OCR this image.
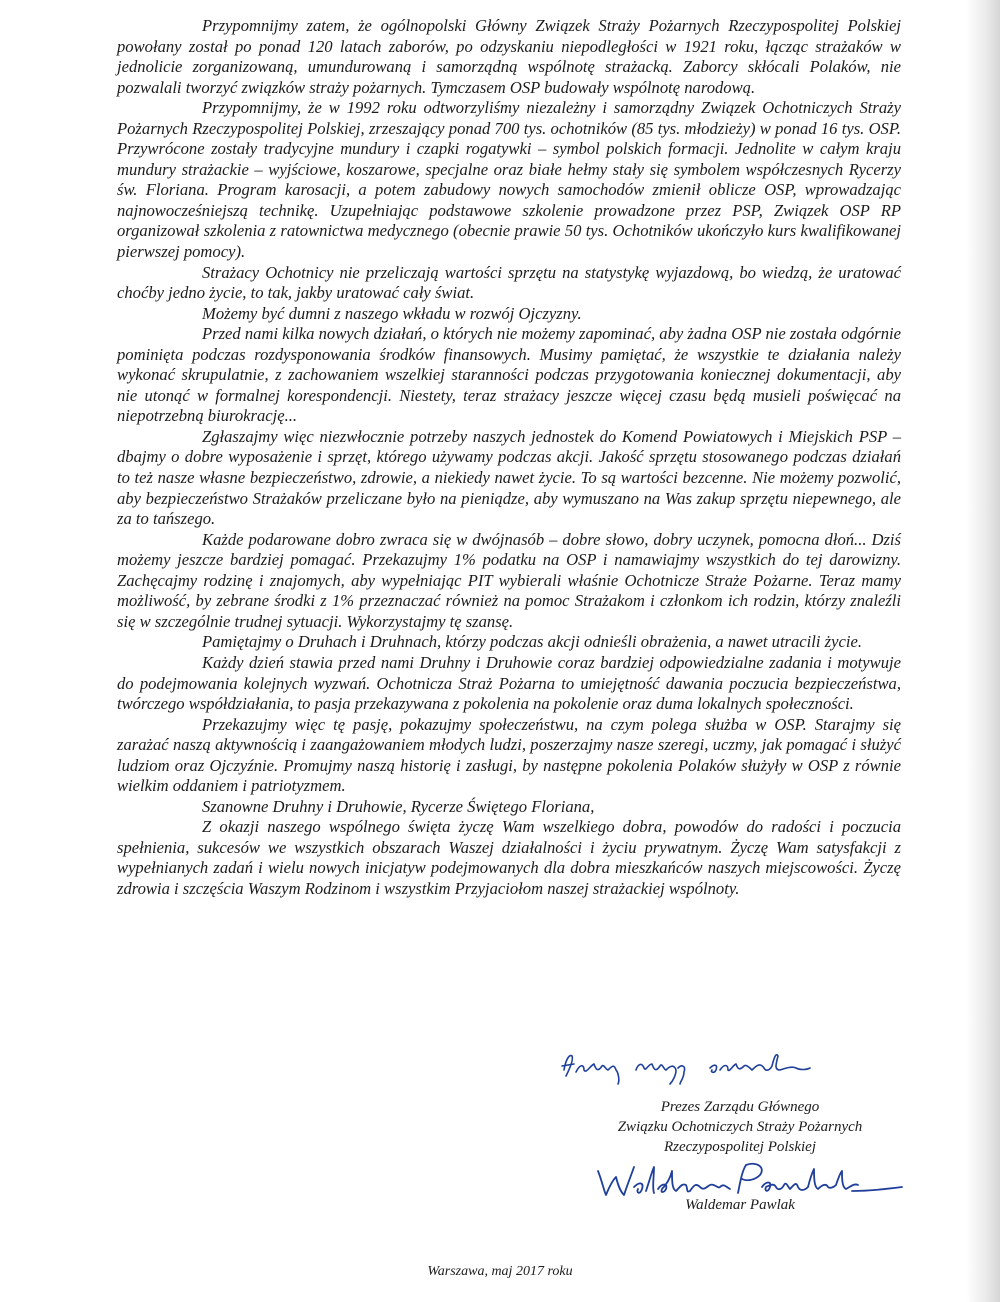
Przypomnijmy zatem, że ogólnopolski Główny Związek Straży Pożarnych Rzeczypospolitej Polskiej powołany został po ponad 120 latach zaborów, po odzyskaniu niepodległości w 1921 roku, łącząc strażaków w jednolicie zorganizowaną, umundurowaną i samorządną wspólnotę strażacką. Zaborcy skłócali Polaków, nie pozwalali tworzyć związków straży pożarnych. Tymczasem OSP budowały wspólnotę narodową.

Przypomnijmy, że w 1992 roku odtworzyliśmy niezależny i samorządny Związek Ochotniczych Straży Pożarnych Rzeczypospolitej Polskiej, zrzeszający ponad 700 tys. ochotników (85 tys. młodzieży) w ponad 16 tys. OSP. Przywrócone zostały tradycyjne mundury i czapki rogatywki – symbol polskich formacji. Jednolite w całym kraju mundury strażackie – wyjściowe, koszarowe, specjalne oraz białe hełmy stały się symbolem współczesnych Rycerzy św. Floriana. Program karosacji, a potem zabudowy nowych samochodów zmienił oblicze OSP, wprowadzając najnowocześniejszą technikę. Uzupełniając podstawowe szkolenie prowadzone przez PSP, Związek OSP RP organizował szkolenia z ratownictwa medycznego (obecnie prawie 50 tys. Ochotników ukończyło kurs kwalifikowanej pierwszej pomocy).

Strażacy Ochotnicy nie przeliczają wartości sprzętu na statystykę wyjazdową, bo wiedzą, że uratować choćby jedno życie, to tak, jakby uratować cały świat.

Możemy być dumni z naszego wkładu w rozwój Ojczyzny.

Przed nami kilka nowych działań, o których nie możemy zapominać, aby żadna OSP nie została odgórnie pominięta podczas rozdysponowania środków finansowych. Musimy pamiętać, że wszystkie te działania należy wykonać skrupulatnie, z zachowaniem wszelkiej staranności podczas przygotowania koniecznej dokumentacji, aby nie utonąć w formalnej korespondencji. Niestety, teraz strażacy jeszcze więcej czasu będą musieli poświęcać na niepotrzebną biurokrację...

Zgłaszajmy więc niezwłocznie potrzeby naszych jednostek do Komend Powiatowych i Miejskich PSP – dbajmy o dobre wyposażenie i sprzęt, którego używamy podczas akcji. Jakość sprzętu stosowanego podczas działań to też nasze własne bezpieczeństwo, zdrowie, a niekiedy nawet życie. To są wartości bezcenne. Nie możemy pozwolić, aby bezpieczeństwo Strażaków przeliczane było na pieniądze, aby wymuszano na Was zakup sprzętu niepewnego, ale za to tańszego.

Każde podarowane dobro zwraca się w dwójnasób – dobre słowo, dobry uczynek, pomocna dłoń... Dziś możemy jeszcze bardziej pomagać. Przekazujmy 1% podatku na OSP i namawiajmy wszystkich do tej darowizny. Zachęcajmy rodzinę i znajomych, aby wypełniając PIT wybierali właśnie Ochotnicze Straże Pożarne. Teraz mamy możliwość, by zebrane środki z 1% przeznaczać również na pomoc Strażakom i członkom ich rodzin, którzy znaleźli się w szczególnie trudnej sytuacji. Wykorzystajmy tę szansę.

Pamiętajmy o Druhach i Druhnach, którzy podczas akcji odnieśli obrażenia, a nawet utracili życie.

Każdy dzień stawia przed nami Druhny i Druhowie coraz bardziej odpowiedzialne zadania i motywuje do podejmowania kolejnych wyzwań. Ochotnicza Straż Pożarna to umiejętność dawania poczucia bezpieczeństwa, twórczego współdziałania, to pasja przekazywana z pokolenia na pokolenie oraz duma lokalnych społeczności.

Przekazujmy więc tę pasję, pokazujmy społeczeństwu, na czym polega służba w OSP. Starajmy się zarażać naszą aktywnością i zaangażowaniem młodych ludzi, poszerzajmy nasze szeregi, uczmy, jak pomagać i służyć ludziom oraz Ojczyźnie. Promujmy naszą historię i zasługi, by następne pokolenia Polaków służyły w OSP z równie wielkim oddaniem i patriotyzmem.

Szanowne Druhny i Druhowie, Rycerze Świętego Floriana,

Z okazji naszego wspólnego święta życzę Wam wszelkiego dobra, powodów do radości i poczucia spełnienia, sukcesów we wszystkich obszarach Waszej działalności i życiu prywatnym. Życzę Wam satysfakcji z wypełnianych zadań i wielu nowych inicjatyw podejmowanych dla dobra mieszkańców naszych miejscowości. Życzę zdrowia i szczęścia Waszym Rodzinom i wszystkim Przyjaciołom naszej strażackiej wspólnoty.

Prezes Zarządu Głównego
Związku Ochotniczych Straży Pożarnych
Rzeczypospolitej Polskiej
Waldemar Pawlak
Warszawa, maj 2017 roku
